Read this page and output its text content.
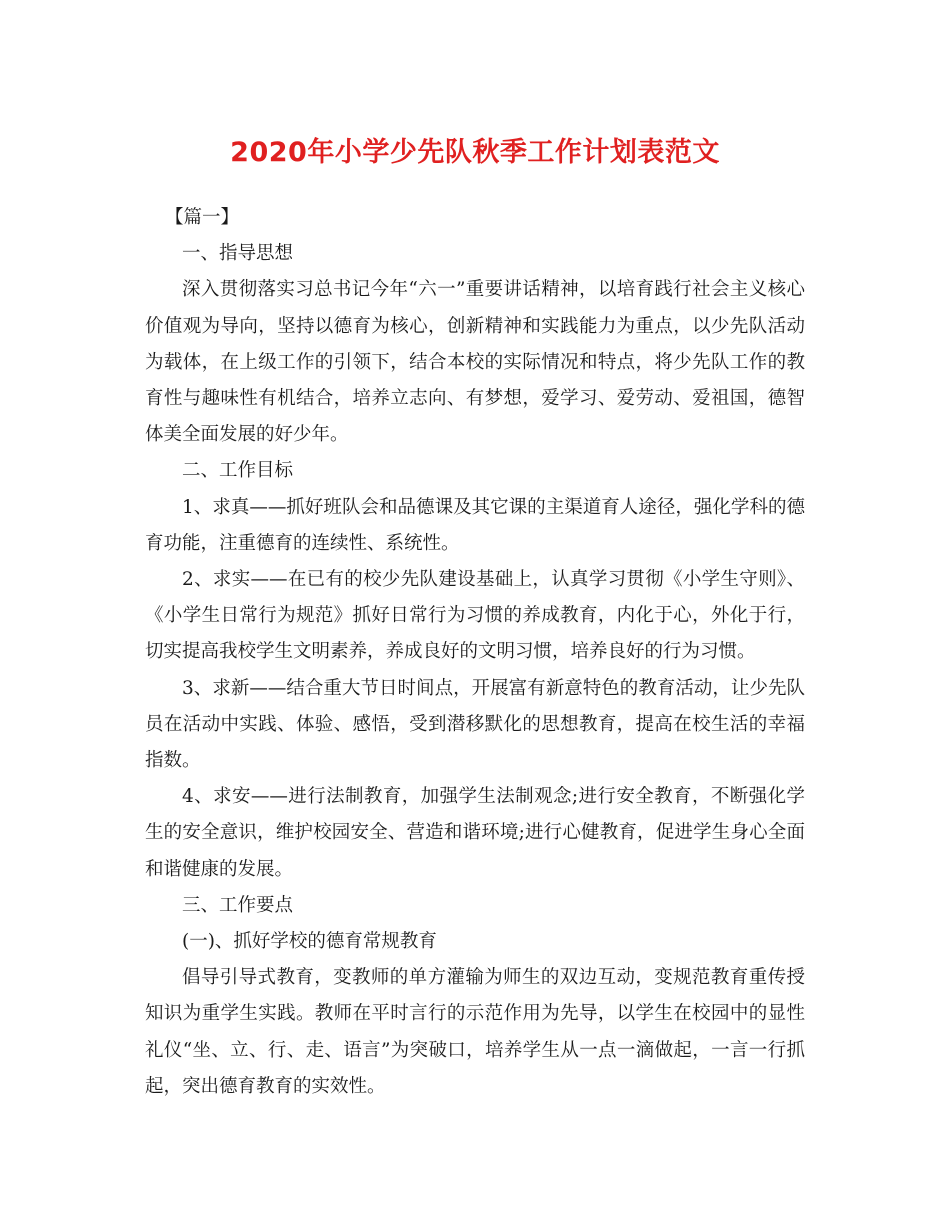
2020年小学少先队秋季工作计划表范文

【篇一】

一、指导思想

深入贯彻落实习总书记今年“六一”重要讲话精神，以培育践行社会主义核心价值观为导向，坚持以德育为核心，创新精神和实践能力为重点，以少先队活动为载体，在上级工作的引领下，结合本校的实际情况和特点，将少先队工作的教育性与趣味性有机结合，培养立志向、有梦想，爱学习、爱劳动、爱祖国，德智体美全面发展的好少年。

二、工作目标

1、求真——抓好班队会和品德课及其它课的主渠道育人途径，强化学科的德育功能，注重德育的连续性、系统性。

2、求实——在已有的校少先队建设基础上，认真学习贯彻《小学生守则》、《小学生日常行为规范》抓好日常行为习惯的养成教育，内化于心，外化于行，切实提高我校学生文明素养，养成良好的文明习惯，培养良好的行为习惯。

3、求新——结合重大节日时间点，开展富有新意特色的教育活动，让少先队员在活动中实践、体验、感悟，受到潜移默化的思想教育，提高在校生活的幸福指数。

4、求安——进行法制教育，加强学生法制观念;进行安全教育，不断强化学生的安全意识，维护校园安全、营造和谐环境;进行心健教育，促进学生身心全面和谐健康的发展。

三、工作要点

(一)、抓好学校的德育常规教育

倡导引导式教育，变教师的单方灌输为师生的双边互动，变规范教育重传授知识为重学生实践。教师在平时言行的示范作用为先导，以学生在校园中的显性礼仪“坐、立、行、走、语言”为突破口，培养学生从一点一滴做起，一言一行抓起，突出德育教育的实效性。
